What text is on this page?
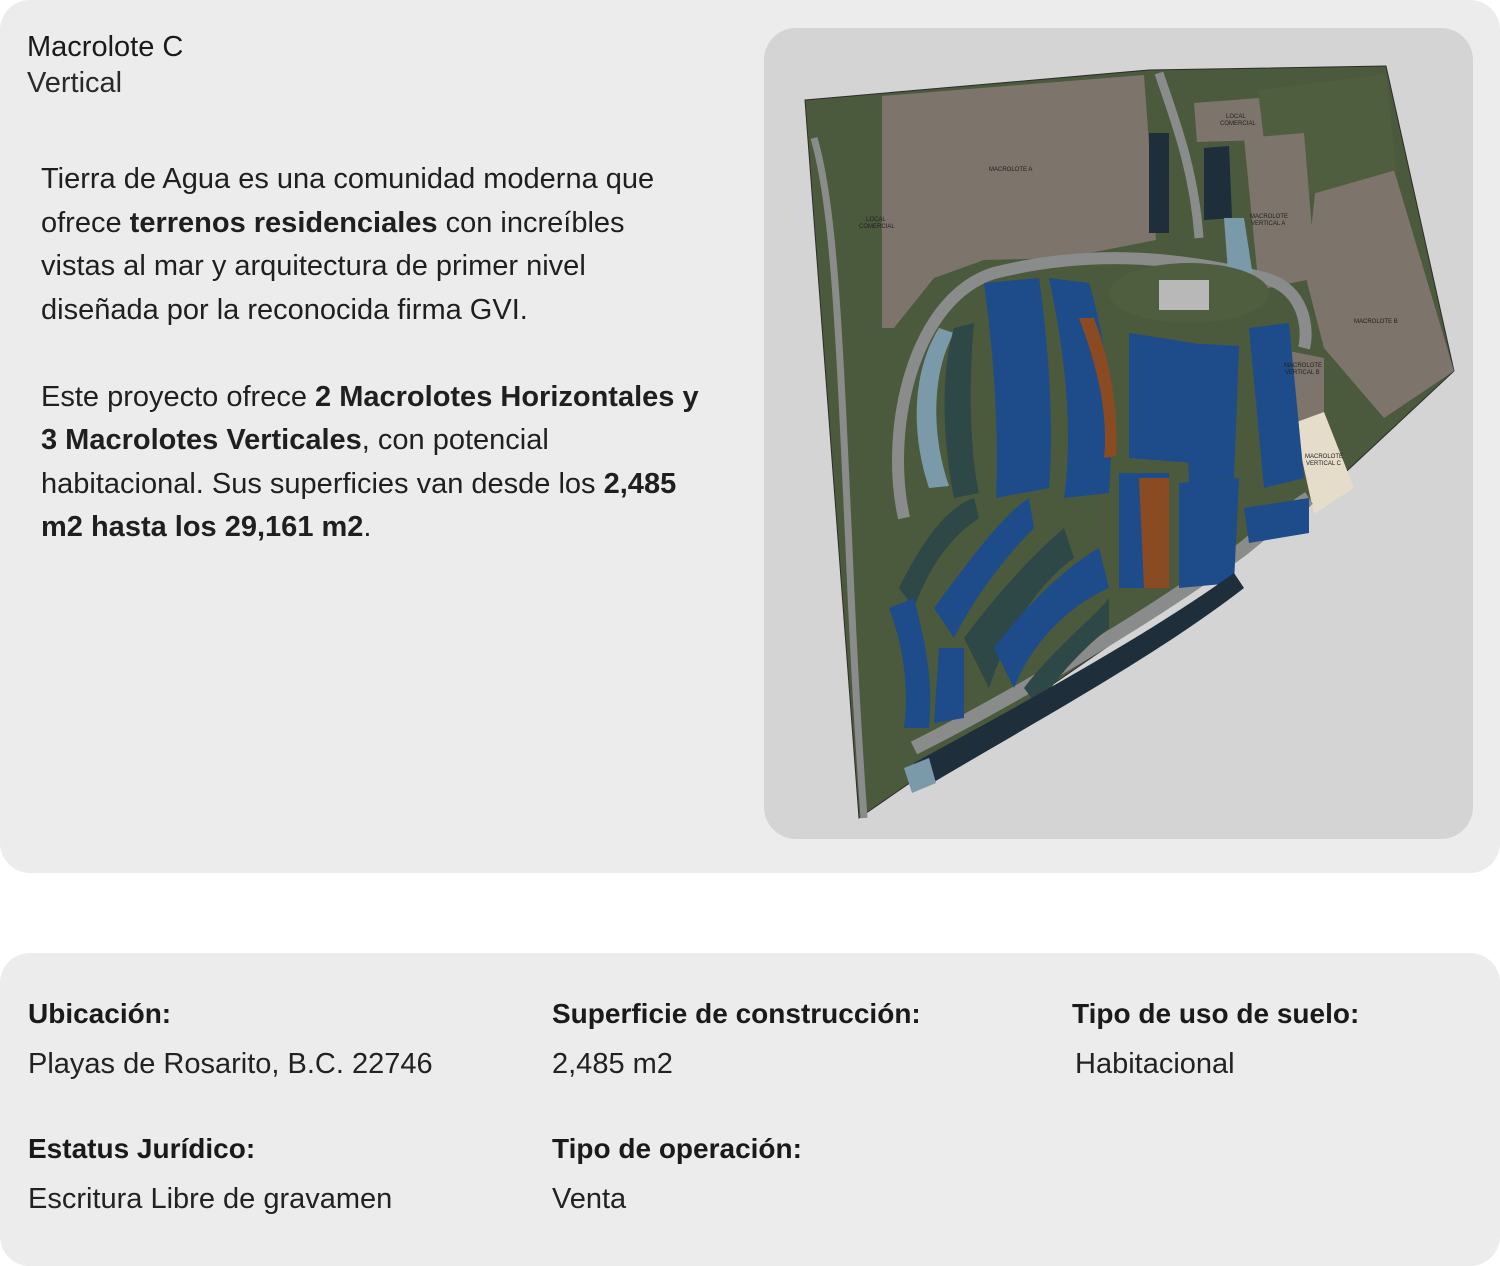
Macrolote C
Vertical

Tierra de Agua es una comunidad moderna que ofrece terrenos residenciales con increíbles vistas al mar y arquitectura de primer nivel diseñada por la reconocida firma GVI.

Este proyecto ofrece 2 Macrolotes Horizontales y 3 Macrolotes Verticales, con potencial habitacional. Sus superficies van desde los 2,485 m2 hasta los 29,161 m2.

MACROLOTE A
MACROLOTE B
LOCAL
COMERCIAL
LOCAL
COMERCIAL
MACROLOTE
VERTICAL A
MACROLOTE
VERTICAL B
MACROLOTE
VERTICAL C
Ubicación:
Playas de Rosarito, B.C. 22746
Superficie de construcción:
2,485 m2
Tipo de uso de suelo:
Habitacional
Estatus Jurídico:
Escritura Libre de gravamen
Tipo de operación:
Venta
